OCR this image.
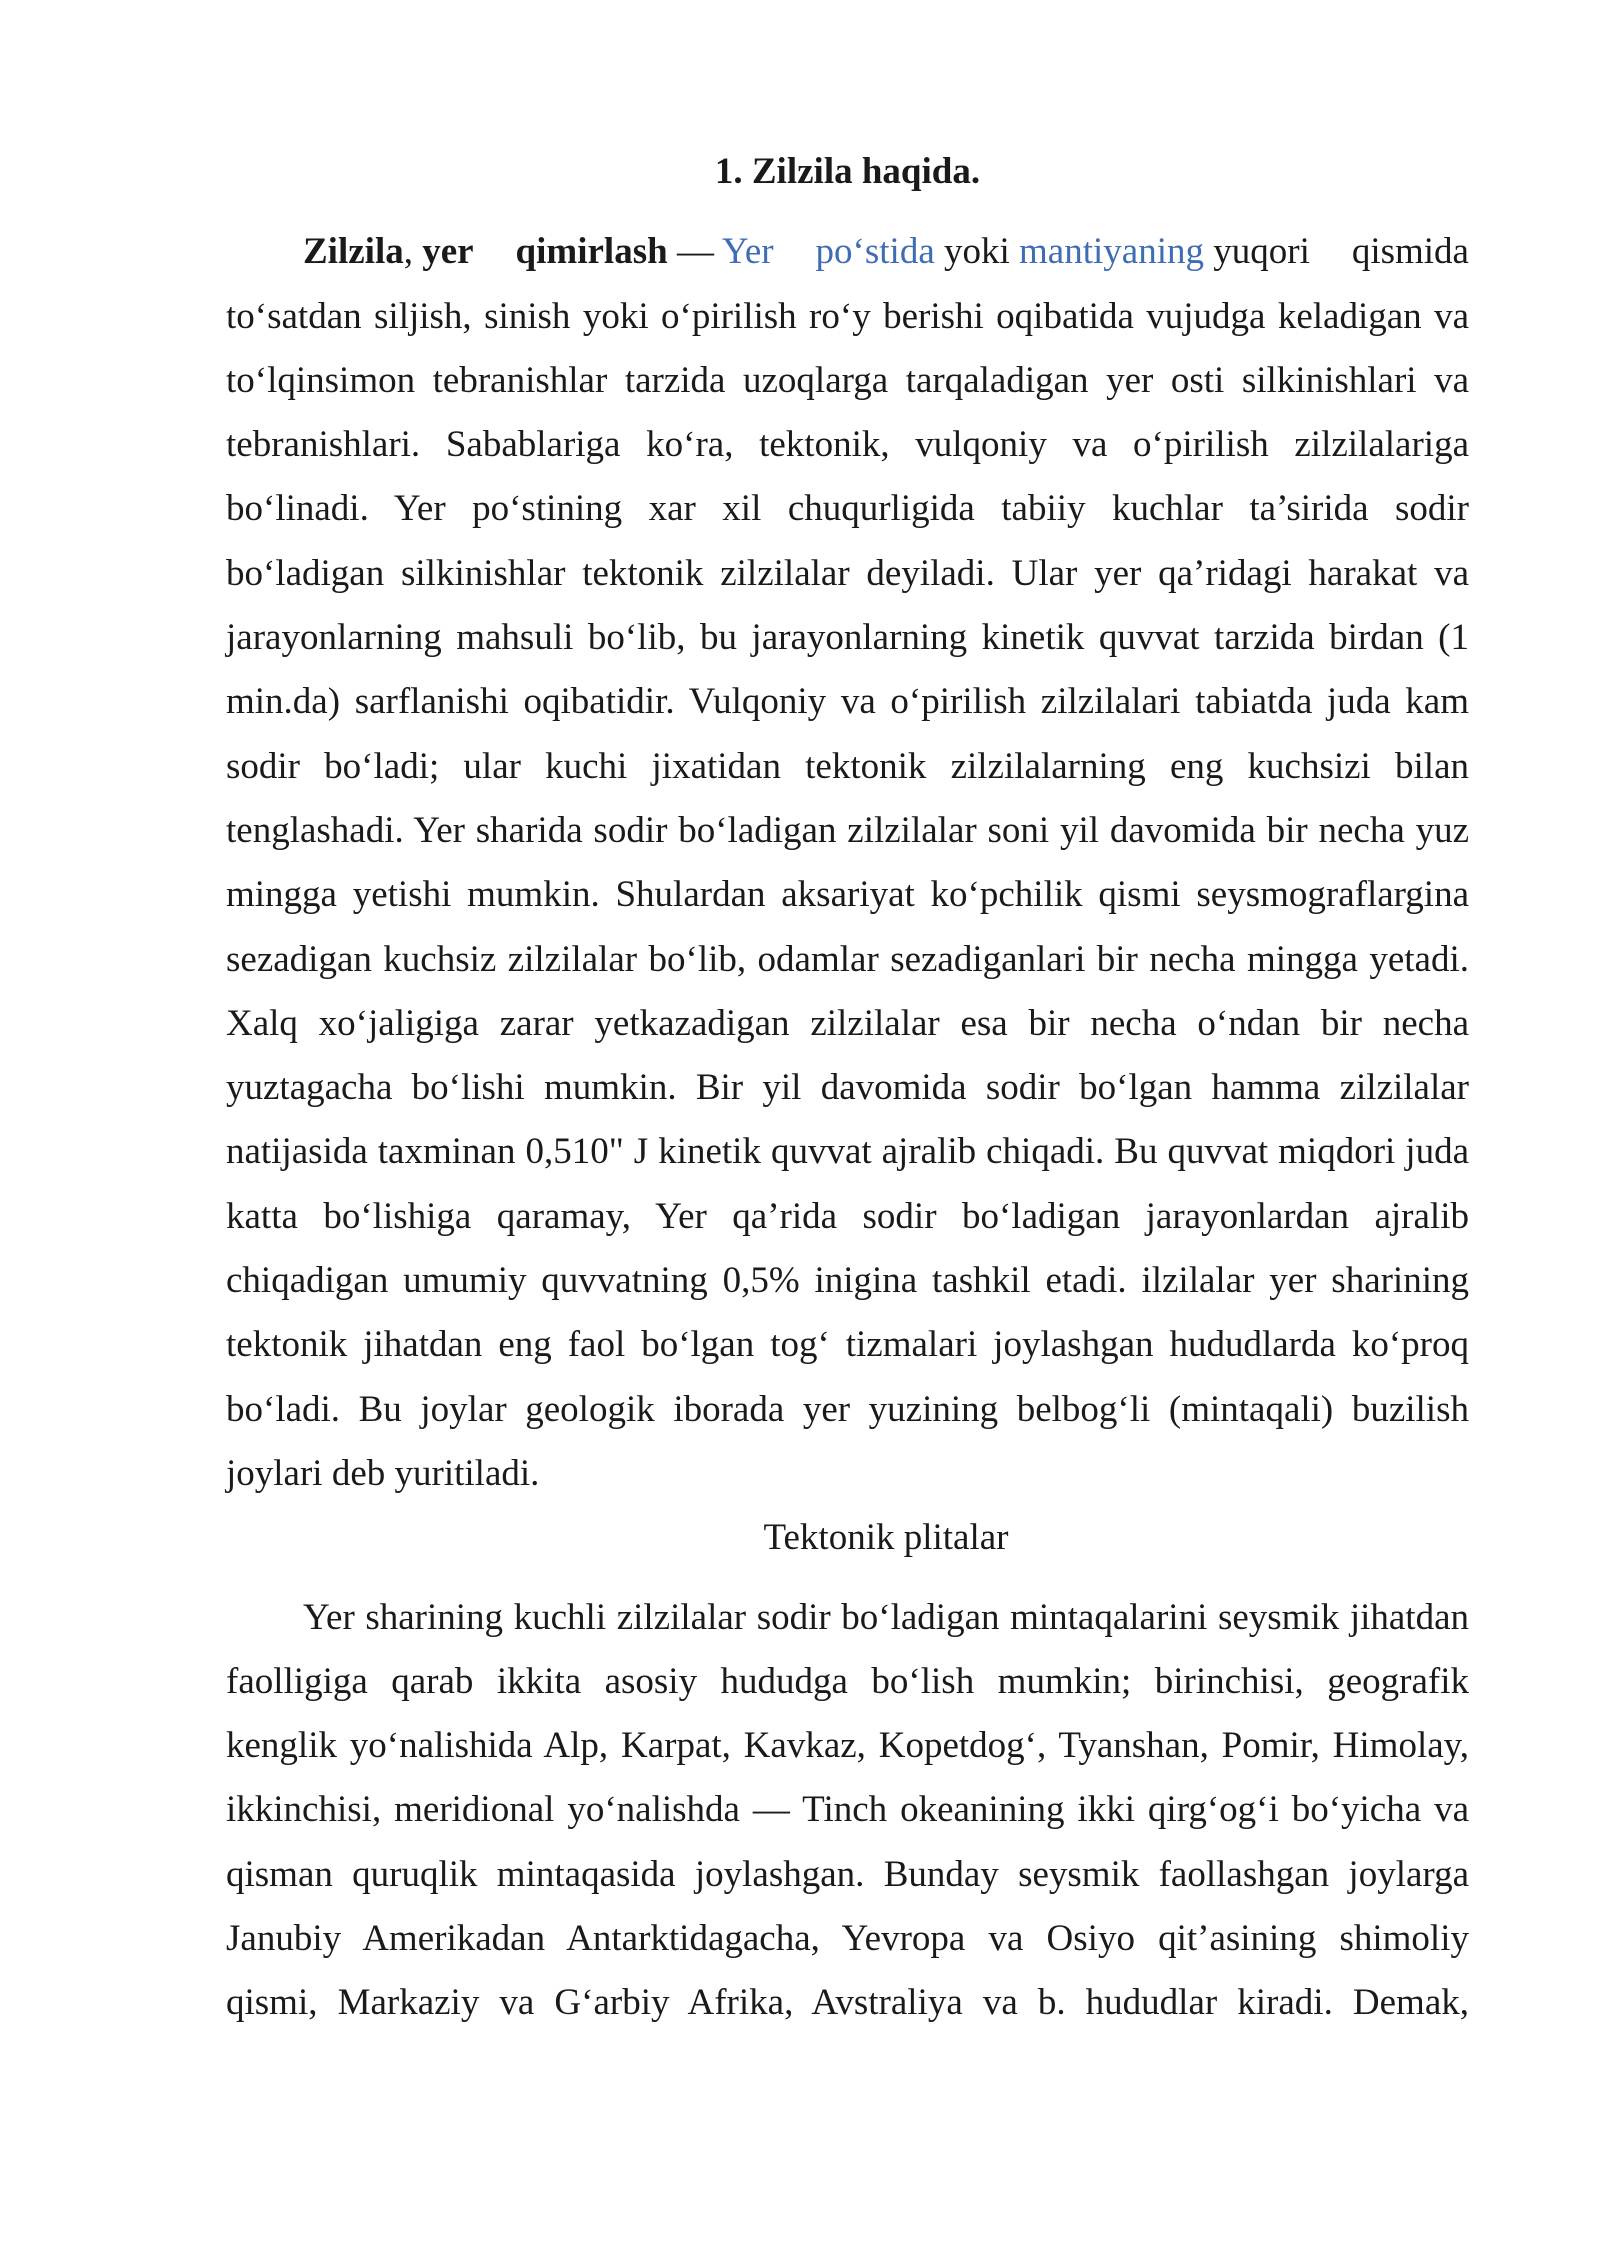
1. Zilzila haqida.
Zilzila, yer qimirlash — Yer po‘stida yoki mantiyaning yuqori qismida
to‘satdan siljish, sinish yoki o‘pirilish ro‘y berishi oqibatida vujudga keladigan va
to‘lqinsimon tebranishlar tarzida uzoqlarga tarqaladigan yer osti silkinishlari va
tebranishlari. Sabablariga ko‘ra, tektonik, vulqoniy va o‘pirilish zilzilalariga
bo‘linadi. Yer po‘stining xar xil chuqurligida tabiiy kuchlar ta’sirida sodir
bo‘ladigan silkinishlar tektonik zilzilalar deyiladi. Ular yer qa’ridagi harakat va
jarayonlarning mahsuli bo‘lib, bu jarayonlarning kinetik quvvat tarzida birdan (1
min.da) sarflanishi oqibatidir. Vulqoniy va o‘pirilish zilzilalari tabiatda juda kam
sodir bo‘ladi; ular kuchi jixatidan tektonik zilzilalarning eng kuchsizi bilan
tenglashadi. Yer sharida sodir bo‘ladigan zilzilalar soni yil davomida bir necha yuz
mingga yetishi mumkin. Shulardan aksariyat ko‘pchilik qismi seysmograflargina
sezadigan kuchsiz zilzilalar bo‘lib, odamlar sezadiganlari bir necha mingga yetadi.
Xalq xo‘jaligiga zarar yetkazadigan zilzilalar esa bir necha o‘ndan bir necha
yuztagacha bo‘lishi mumkin. Bir yil davomida sodir bo‘lgan hamma zilzilalar
natijasida taxminan 0,510" J kinetik quvvat ajralib chiqadi. Bu quvvat miqdori juda
katta bo‘lishiga qaramay, Yer qa’rida sodir bo‘ladigan jarayonlardan ajralib
chiqadigan umumiy quvvatning 0,5% inigina tashkil etadi. ilzilalar yer sharining
tektonik jihatdan eng faol bo‘lgan tog‘ tizmalari joylashgan hududlarda ko‘proq
bo‘ladi. Bu joylar geologik iborada yer yuzining belbog‘li (mintaqali) buzilish
joylari deb yuritiladi.
Tektonik plitalar
Yer sharining kuchli zilzilalar sodir bo‘ladigan mintaqalarini seysmik jihatdan
faolligiga qarab ikkita asosiy hududga bo‘lish mumkin; birinchisi, geografik
kenglik yo‘nalishida Alp, Karpat, Kavkaz, Kopetdog‘, Tyanshan, Pomir, Himolay,
ikkinchisi, meridional yo‘nalishda — Tinch okeanining ikki qirg‘og‘i bo‘yicha va
qisman quruqlik mintaqasida joylashgan. Bunday seysmik faollashgan joylarga
Janubiy Amerikadan Antarktidagacha, Yevropa va Osiyo qit’asining shimoliy
qismi, Markaziy va G‘arbiy Afrika, Avstraliya va b. hududlar kiradi. Demak,
